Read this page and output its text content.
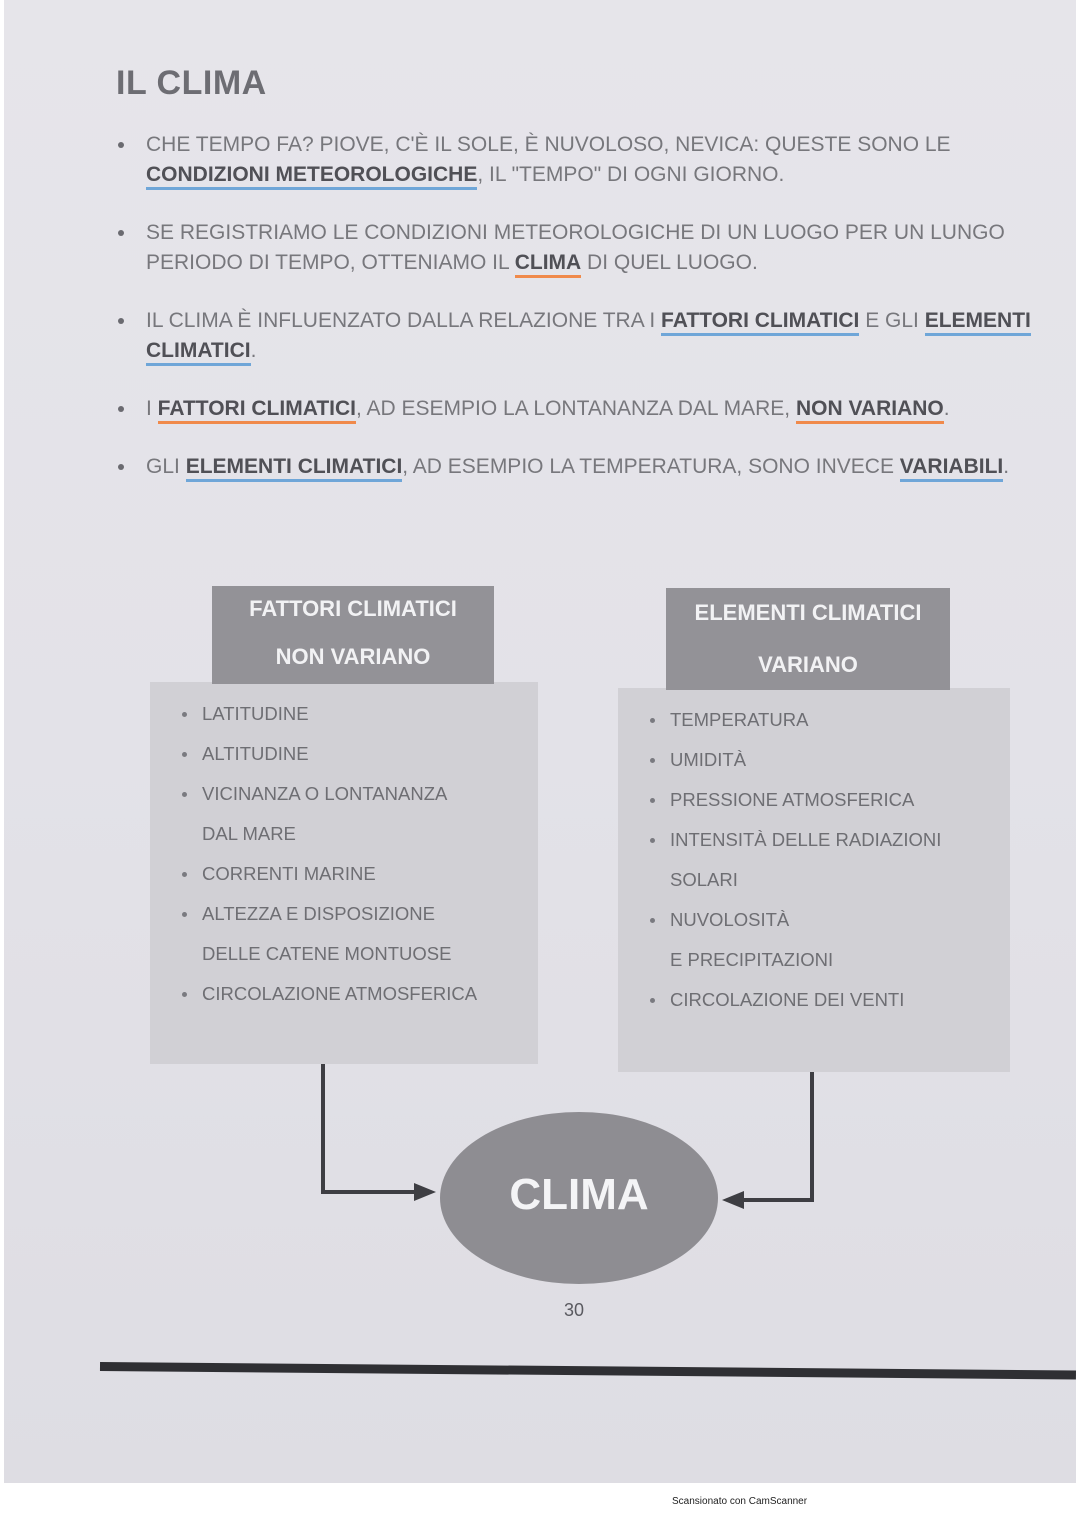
IL CLIMA
CHE TEMPO FA? PIOVE, C'È IL SOLE, È NUVOLOSO, NEVICA: QUESTE SONO LE CONDIZIONI METEOROLOGICHE, IL "TEMPO" DI OGNI GIORNO.
SE REGISTRIAMO LE CONDIZIONI METEOROLOGICHE DI UN LUOGO PER UN LUNGO PERIODO DI TEMPO, OTTENIAMO IL CLIMA DI QUEL LUOGO.
IL CLIMA È INFLUENZATO DALLA RELAZIONE TRA I FATTORI CLIMATICI E GLI ELEMENTI CLIMATICI.
I FATTORI CLIMATICI, AD ESEMPIO LA LONTANANZA DAL MARE, NON VARIANO.
GLI ELEMENTI CLIMATICI, AD ESEMPIO LA TEMPERATURA, SONO INVECE VARIABILI.
LATITUDINE
ALTITUDINE
VICINANZA O LONTANANZA
DAL MARE
CORRENTI MARINE
ALTEZZA E DISPOSIZIONE
DELLE CATENE MONTUOSE
CIRCOLAZIONE ATMOSFERICA
FATTORI CLIMATICI
NON VARIANO
TEMPERATURA
UMIDITÀ
PRESSIONE ATMOSFERICA
INTENSITÀ DELLE RADIAZIONI
SOLARI
NUVOLOSITÀ
E PRECIPITAZIONI
CIRCOLAZIONE DEI VENTI
ELEMENTI CLIMATICI
VARIANO
CLIMA
30
Scansionato con CamScanner
